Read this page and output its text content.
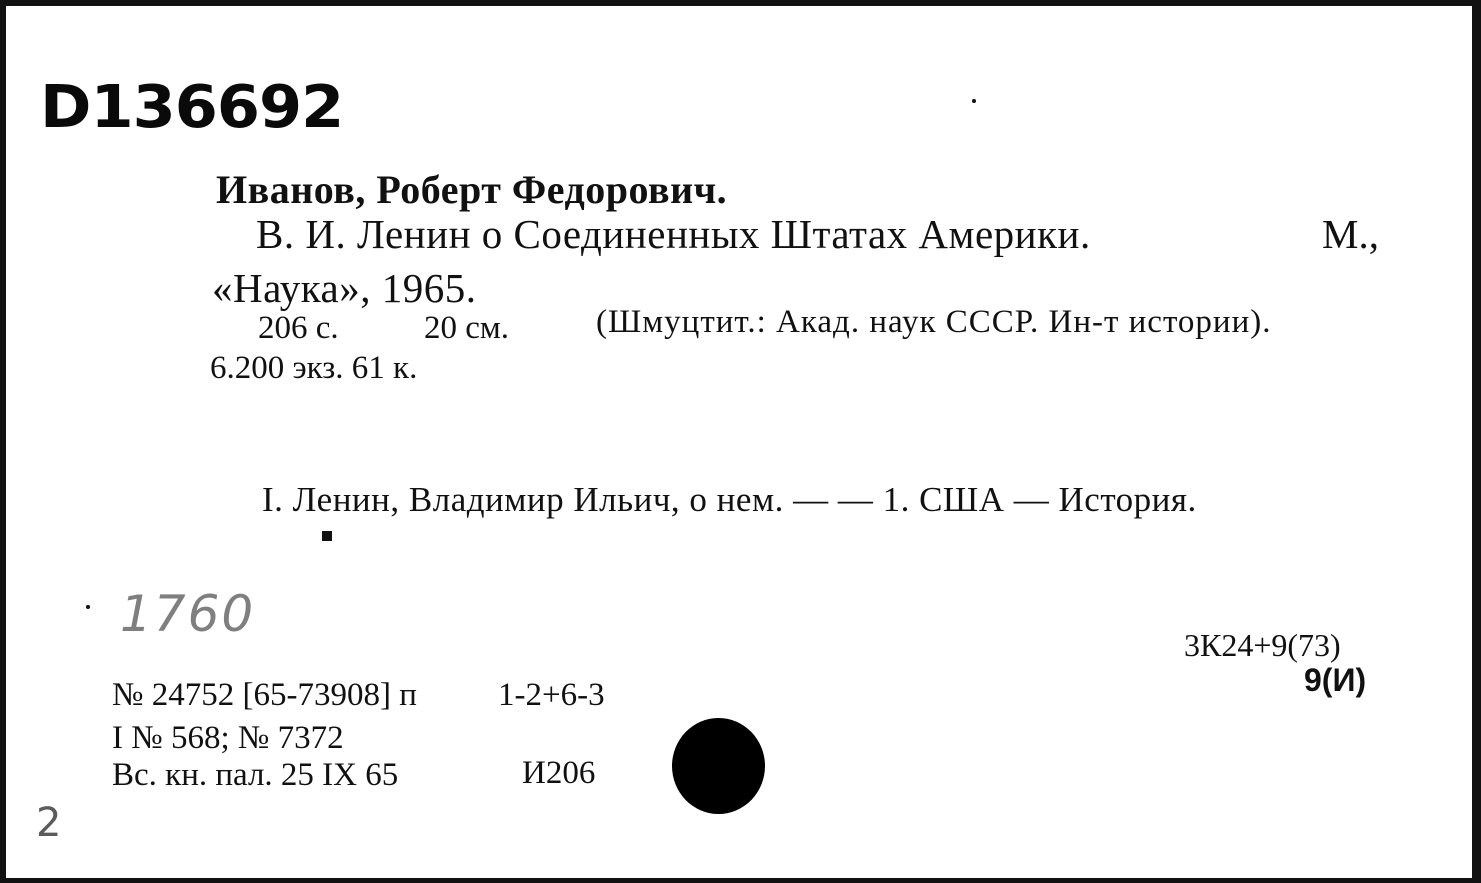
D136692
Иванов, Роберт Федорович.
В. И. Ленин о Соединенных Штатах Америки.	М.,
«Наука», 1965.
206 с.	20 см.	(Шмуцтит.: Акад. наук СССР. Ин-т истории).
6.200 экз. 61 к.
I. Ленин, Владимир Ильич, о нем. — — 1. США — История.
1760
3К24+9(73)
9(И)
№ 24752 [65-73908] п 1-2+6-3
I № 568; № 7372
Вс. кн. пал. 25 IX 65	И206
2
